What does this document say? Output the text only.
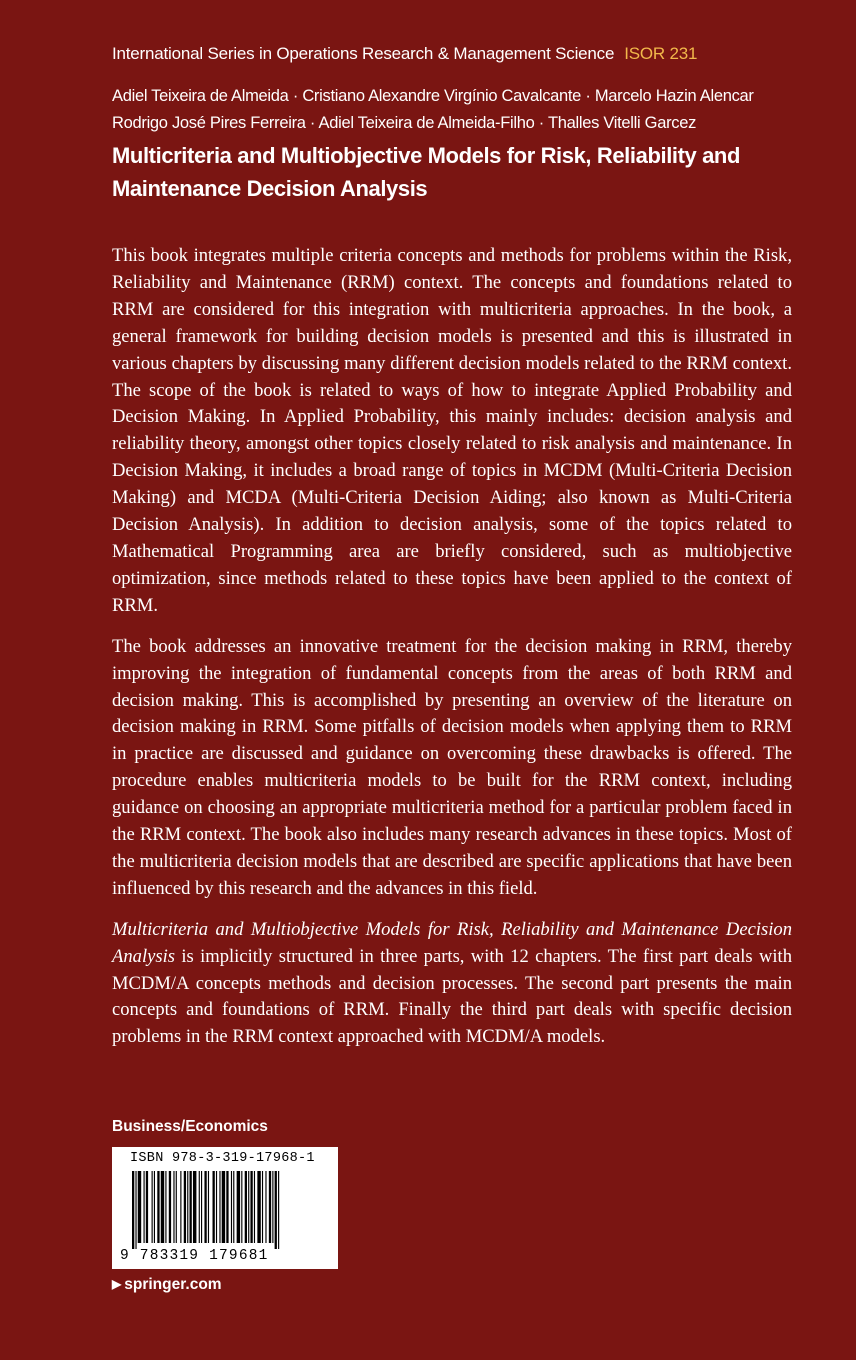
International Series in Operations Research & Management Science ISOR 231
Adiel Teixeira de Almeida · Cristiano Alexandre Virgínio Cavalcante · Marcelo Hazin Alencar
Rodrigo José Pires Ferreira · Adiel Teixeira de Almeida-Filho · Thalles Vitelli Garcez
Multicriteria and Multiobjective Models for Risk, Reliability and Maintenance Decision Analysis

This book integrates multiple criteria concepts and methods for problems within the Risk, Reliability and Maintenance (RRM) context. The concepts and foundations related to RRM are considered for this integration with multicriteria approaches. In the book, a general framework for building decision models is presented and this is illustrated in various chapters by discussing many different decision models related to the RRM context. The scope of the book is related to ways of how to integrate Applied Probability and Decision Making. In Applied Probability, this mainly includes: decision analysis and reliability theory, amongst other topics closely related to risk analysis and maintenance. In Decision Making, it includes a broad range of topics in MCDM (Multi-Criteria Decision Making) and MCDA (Multi-Criteria Decision Aiding; also known as Multi-Criteria Decision Analysis). In addition to decision analysis, some of the topics related to Mathematical Programming area are briefly considered, such as multiobjective optimization, since methods related to these topics have been applied to the context of RRM.

The book addresses an innovative treatment for the decision making in RRM, thereby improving the integration of fundamental concepts from the areas of both RRM and decision making. This is accomplished by presenting an overview of the literature on decision making in RRM. Some pitfalls of decision models when applying them to RRM in practice are discussed and guidance on overcoming these drawbacks is offered. The procedure enables multicriteria models to be built for the RRM context, including guidance on choosing an appropriate multicriteria method for a particular problem faced in the RRM context. The book also includes many research advances in these topics. Most of the multicriteria decision models that are described are specific applications that have been influenced by this research and the advances in this field.

Multicriteria and Multiobjective Models for Risk, Reliability and Maintenance Decision Analysis is implicitly structured in three parts, with 12 chapters. The first part deals with MCDM/A concepts methods and decision processes. The second part presents the main concepts and foundations of RRM. Finally the third part deals with specific decision problems in the RRM context approached with MCDM/A models.

Business/Economics
ISBN 978-3-319-17968-1
9 783319 179681
▶ springer.com
